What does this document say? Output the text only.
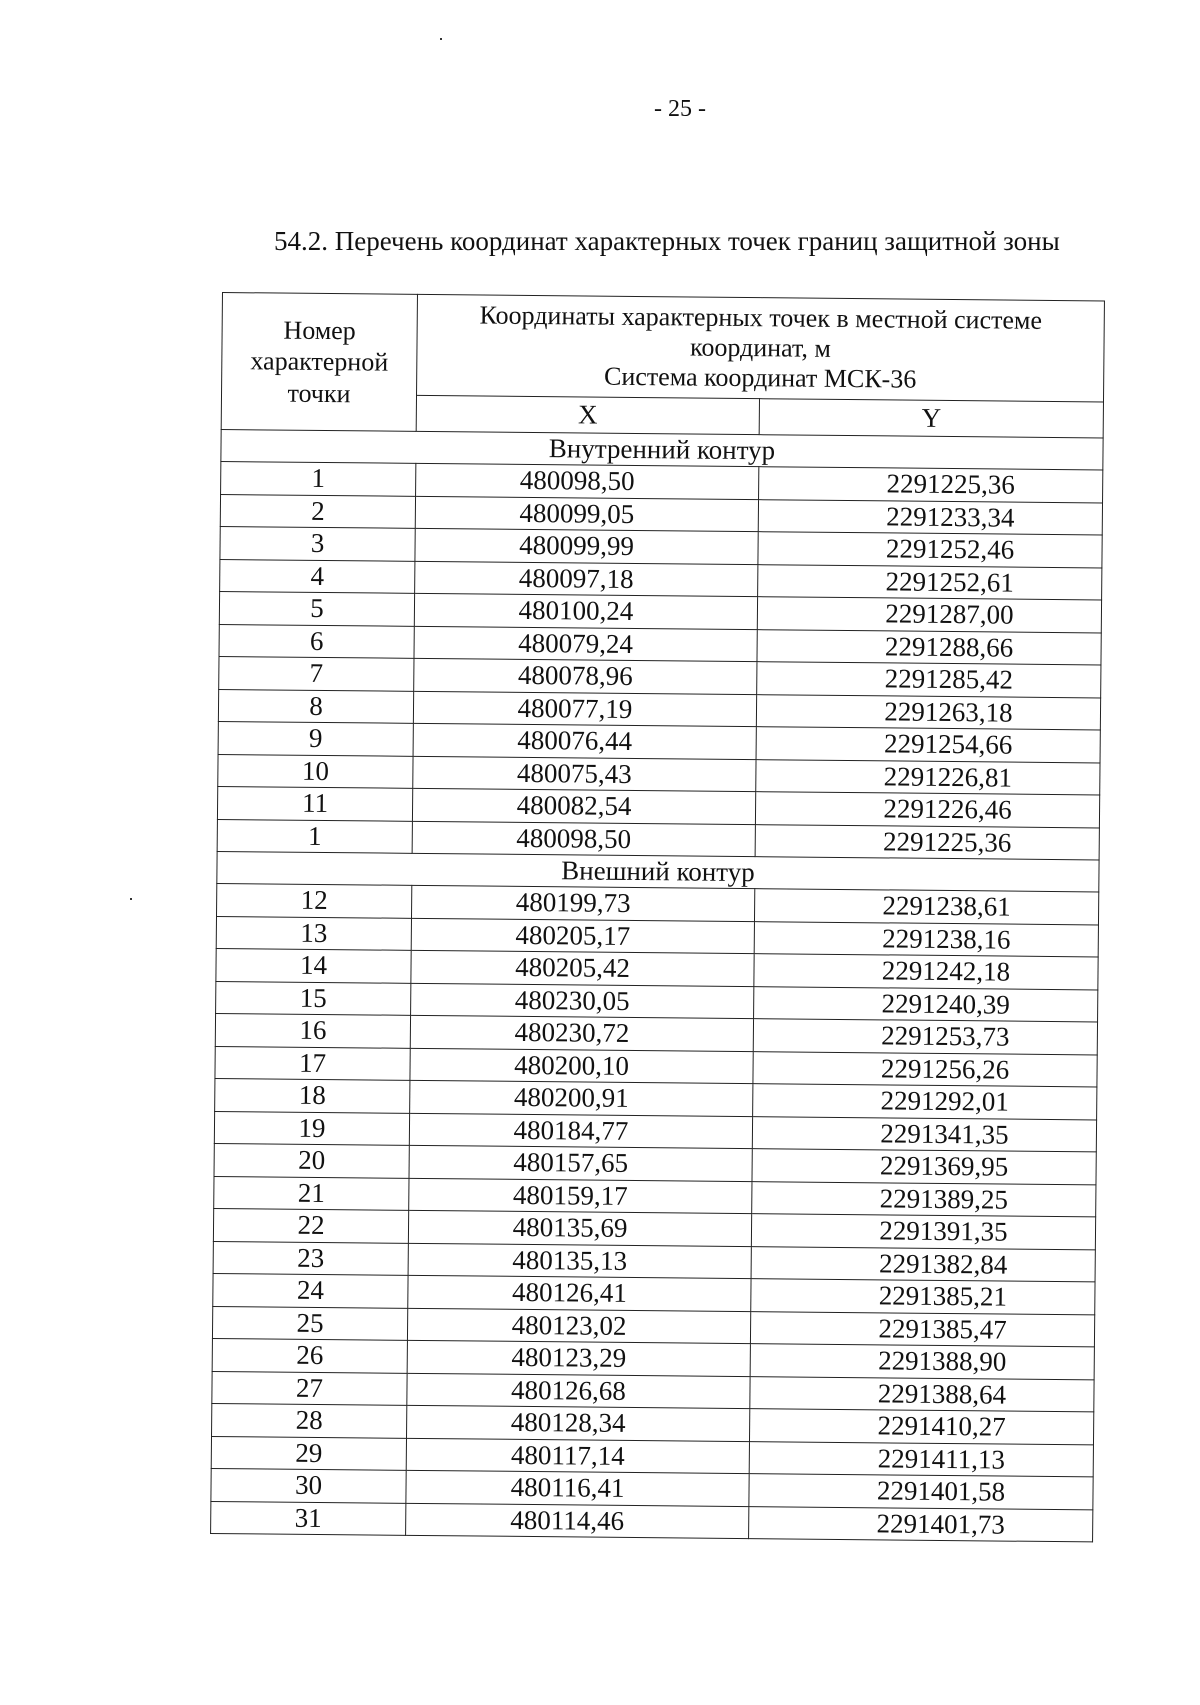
- 25 -
54.2. Перечень координат характерных точек границ защитной зоны
Номер характерной точки	Координаты характерных точек в местной системе координат, м
Система координат МСК-36	

	X	Y
Внутренний контур		
1	480098,50	2291225,36
2	480099,05	2291233,34
3	480099,99	2291252,46
4	480097,18	2291252,61
5	480100,24	2291287,00
6	480079,24	2291288,66
7	480078,96	2291285,42
8	480077,19	2291263,18
9	480076,44	2291254,66
10	480075,43	2291226,81
11	480082,54	2291226,46
1	480098,50	2291225,36
Внешний контур		
12	480199,73	2291238,61
13	480205,17	2291238,16
14	480205,42	2291242,18
15	480230,05	2291240,39
16	480230,72	2291253,73
17	480200,10	2291256,26
18	480200,91	2291292,01
19	480184,77	2291341,35
20	480157,65	2291369,95
21	480159,17	2291389,25
22	480135,69	2291391,35
23	480135,13	2291382,84
24	480126,41	2291385,21
25	480123,02	2291385,47
26	480123,29	2291388,90
27	480126,68	2291388,64
28	480128,34	2291410,27
29	480117,14	2291411,13
30	480116,41	2291401,58
31	480114,46	2291401,73
